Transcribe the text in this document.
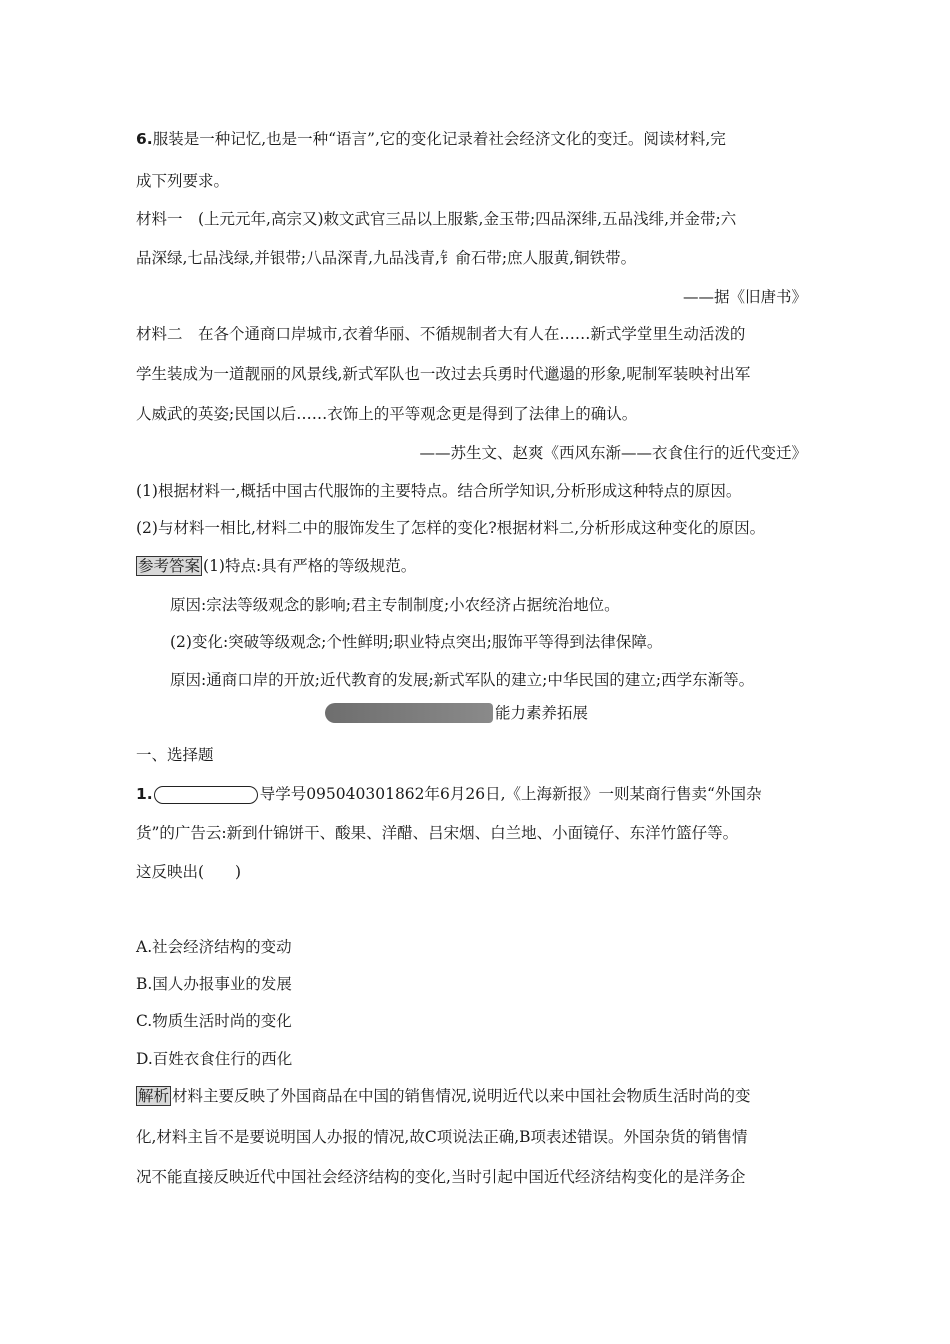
6.服装是一种记忆,也是一种“语言”,它的变化记录着社会经济文化的变迁。阅读材料,完
成下列要求。
材料一　(上元元年,高宗又)敕文武官三品以上服紫,金玉带;四品深绯,五品浅绯,并金带;六
品深绿,七品浅绿,并银带;八品深青,九品浅青,钅俞石带;庶人服黄,铜铁带。
——据《旧唐书》
材料二　在各个通商口岸城市,衣着华丽、不循规制者大有人在……新式学堂里生动活泼的
学生装成为一道靓丽的风景线,新式军队也一改过去兵勇时代邋遢的形象,呢制军装映衬出军
人威武的英姿;民国以后……衣饰上的平等观念更是得到了法律上的确认。
——苏生文、赵爽《西风东渐——衣食住行的近代变迁》
(1)根据材料一,概括中国古代服饰的主要特点。结合所学知识,分析形成这种特点的原因。
(2)与材料一相比,材料二中的服饰发生了怎样的变化?根据材料二,分析形成这种变化的原因。
参考答案 (1)特点:具有严格的等级规范。
原因:宗法等级观念的影响;君主专制制度;小农经济占据统治地位。
(2)变化:突破等级观念;个性鲜明;职业特点突出;服饰平等得到法律保障。
原因:通商口岸的开放;近代教育的发展;新式军队的建立;中华民国的建立;西学东渐等。
能力素养拓展
一、选择题
1.	导学号095040301862年6月26日,《上海新报》一则某商行售卖“外国杂
货”的广告云:新到什锦饼干、酸果、洋醋、吕宋烟、白兰地、小面镜仔、东洋竹篮仔等。
这反映出(　　)
A.社会经济结构的变动
B.国人办报事业的发展
C.物质生活时尚的变化
D.百姓衣食住行的西化
解析 材料主要反映了外国商品在中国的销售情况,说明近代以来中国社会物质生活时尚的变
化,材料主旨不是要说明国人办报的情况,故C项说法正确,B项表述错误。外国杂货的销售情
况不能直接反映近代中国社会经济结构的变化,当时引起中国近代经济结构变化的是洋务企
